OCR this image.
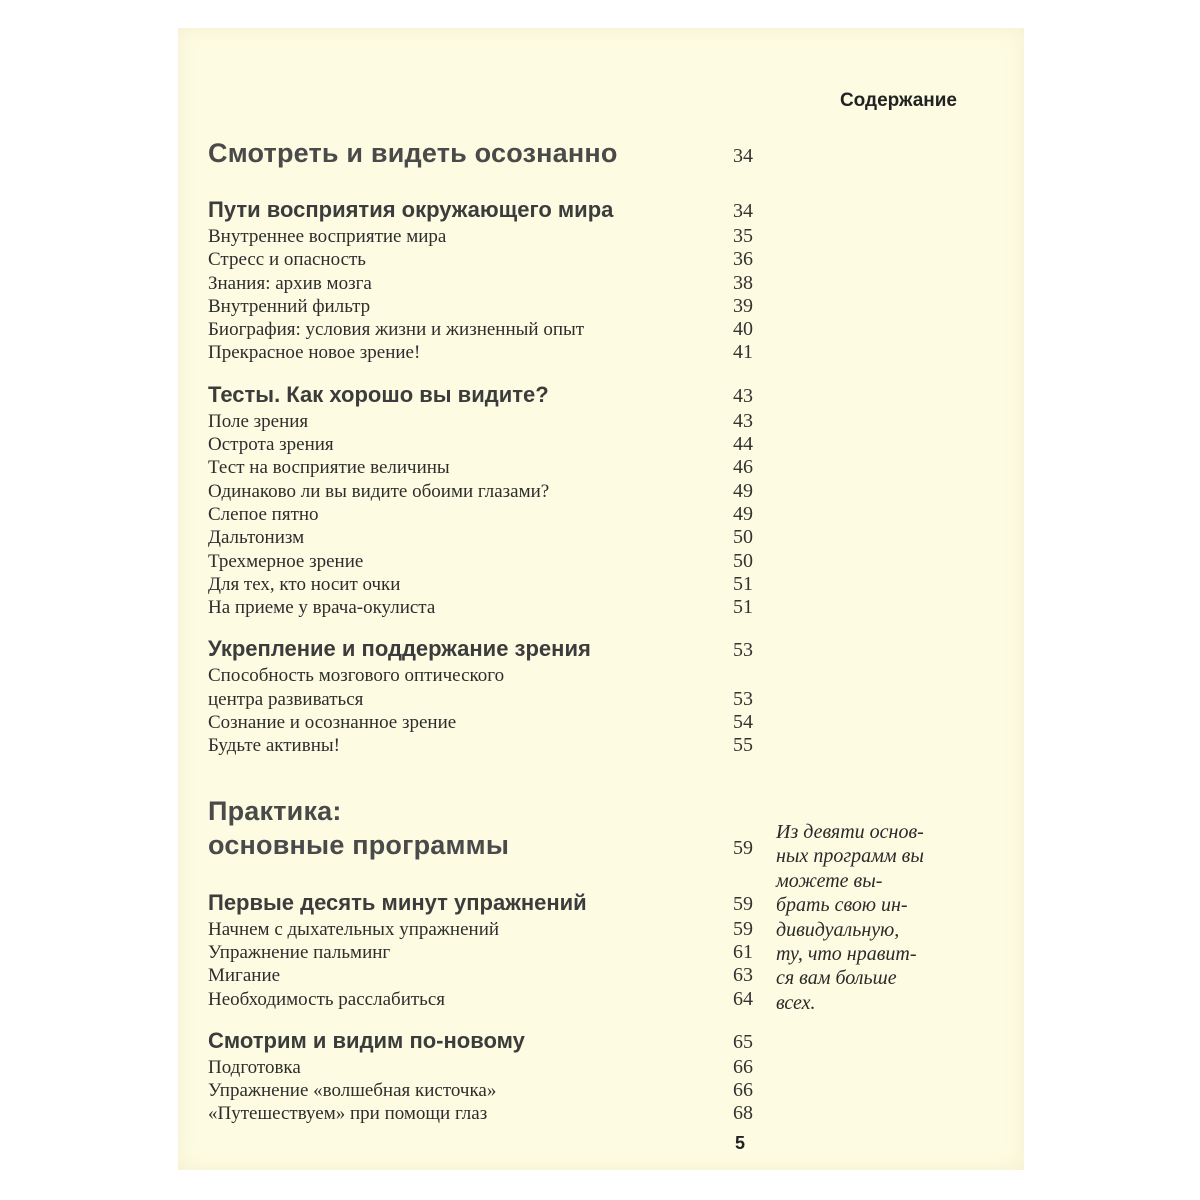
Содержание
Смотреть и видеть осознанно	34
Пути восприятия окружающего мира	34
Внутреннее восприятие мира	35
Стресс и опасность	36
Знания: архив мозга	38
Внутренний фильтр	39
Биография: условия жизни и жизненный опыт	40
Прекрасное новое зрение!	41
Тесты. Как хорошо вы видите?	43
Поле зрения	43
Острота зрения	44
Тест на восприятие величины	46
Одинаково ли вы видите обоими глазами?	49
Слепое пятно	49
Дальтонизм	50
Трехмерное зрение	50
Для тех, кто носит очки	51
На приеме у врача-окулиста	51
Укрепление и поддержание зрения	53
Способность мозгового оптического
центра развиваться	53
Сознание и осознанное зрение	54
Будьте активны!	55
Практика:
основные программы	59
Первые десять минут упражнений	59
Начнем с дыхательных упражнений	59
Упражнение пальминг	61
Мигание	63
Необходимость расслабиться	64
Смотрим и видим по-новому	65
Подготовка	66
Упражнение «волшебная кисточка»	66
«Путешествуем» при помощи глаз	68
Из девяти основ-
ных программ вы
можете вы-
брать свою ин-
дивидуальную,
ту, что нравит-
ся вам больше
всех.
5
